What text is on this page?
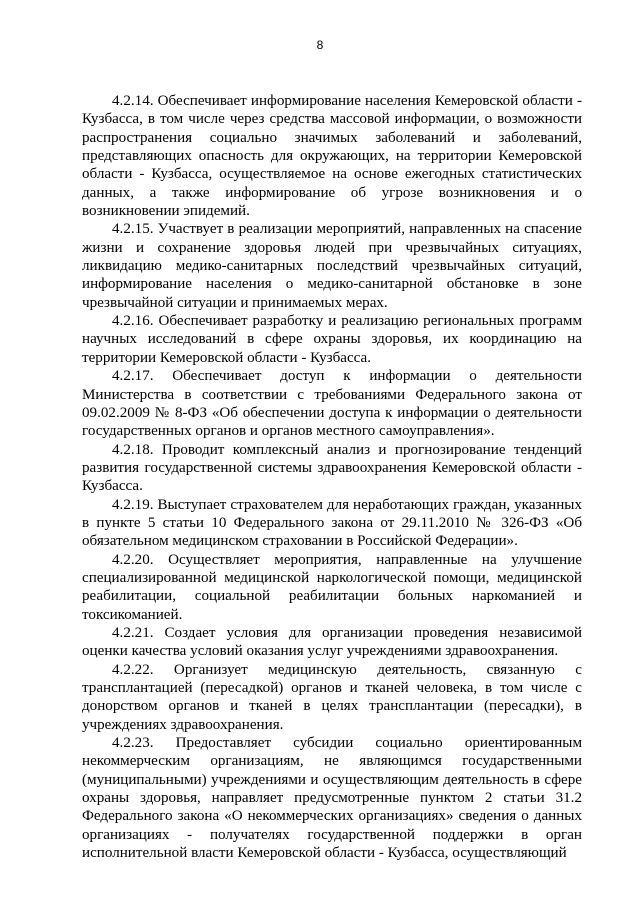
8

4.2.14. Обеспечивает информирование населения Кемеровской области - Кузбасса, в том числе через средства массовой информации, о возможности распространения социально значимых заболеваний и заболеваний, представляющих опасность для окружающих, на территории Кемеровской области - Кузбасса, осуществляемое на основе ежегодных статистических данных, а также информирование об угрозе возникновения и о возникновении эпидемий.

4.2.15. Участвует в реализации мероприятий, направленных на спасение жизни и сохранение здоровья людей при чрезвычайных ситуациях, ликвидацию медико-санитарных последствий чрезвычайных ситуаций, информирование населения о медико-санитарной обстановке в зоне чрезвычайной ситуации и принимаемых мерах.

4.2.16. Обеспечивает разработку и реализацию региональных программ научных исследований в сфере охраны здоровья, их координацию на территории Кемеровской области - Кузбасса.

4.2.17. Обеспечивает доступ к информации о деятельности Министерства в соответствии с требованиями Федерального закона от 09.02.2009 № 8-ФЗ «Об обеспечении доступа к информации о деятельности государственных органов и органов местного самоуправления».

4.2.18. Проводит комплексный анализ и прогнозирование тенденций развития государственной системы здравоохранения Кемеровской области - Кузбасса.

4.2.19. Выступает страхователем для неработающих граждан, указанных в пункте 5 статьи 10 Федерального закона от 29.11.2010 № 326-ФЗ «Об обязательном медицинском страховании в Российской Федерации».

4.2.20. Осуществляет мероприятия, направленные на улучшение специализированной медицинской наркологической помощи, медицинской реабилитации, социальной реабилитации больных наркоманией и токсикоманией.

4.2.21. Создает условия для организации проведения независимой оценки качества условий оказания услуг учреждениями здравоохранения.

4.2.22. Организует медицинскую деятельность, связанную с трансплантацией (пересадкой) органов и тканей человека, в том числе с донорством органов и тканей в целях трансплантации (пересадки), в учреждениях здравоохранения.

4.2.23. Предоставляет субсидии социально ориентированным некоммерческим организациям, не являющимся государственными (муниципальными) учреждениями и осуществляющим деятельность в сфере охраны здоровья, направляет предусмотренные пунктом 2 статьи 31.2 Федерального закона «О некоммерческих организациях» сведения о данных организациях - получателях государственной поддержки в орган исполнительной власти Кемеровской области - Кузбасса, осуществляющий
